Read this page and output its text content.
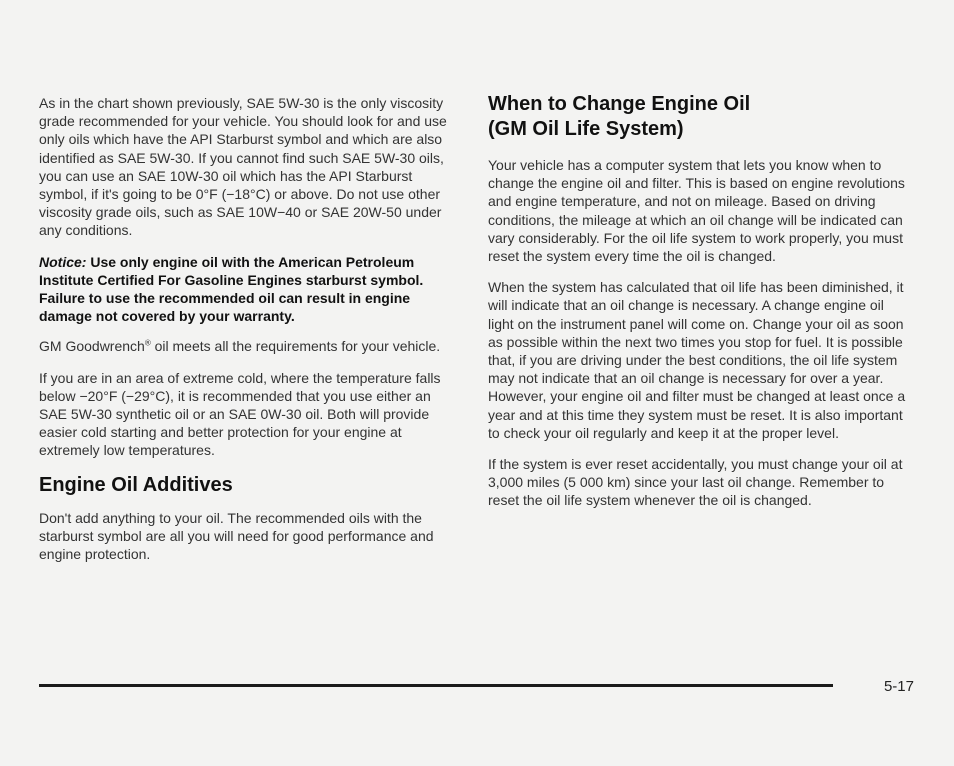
As in the chart shown previously, SAE 5W-30 is the only viscosity grade recommended for your vehicle. You should look for and use only oils which have the API Starburst symbol and which are also identified as SAE 5W-30. If you cannot find such SAE 5W-30 oils, you can use an SAE 10W-30 oil which has the API Starburst symbol, if it's going to be 0°F (−18°C) or above. Do not use other viscosity grade oils, such as SAE 10W−40 or SAE 20W-50 under any conditions.

Notice: Use only engine oil with the American Petroleum Institute Certified For Gasoline Engines starburst symbol. Failure to use the recommended oil can result in engine damage not covered by your warranty.

GM Goodwrench® oil meets all the requirements for your vehicle.

If you are in an area of extreme cold, where the temperature falls below −20°F (−29°C), it is recommended that you use either an SAE 5W-30 synthetic oil or an SAE 0W-30 oil. Both will provide easier cold starting and better protection for your engine at extremely low temperatures.

Engine Oil Additives

Don't add anything to your oil. The recommended oils with the starburst symbol are all you will need for good performance and engine protection.

When to Change Engine Oil
(GM Oil Life System)

Your vehicle has a computer system that lets you know when to change the engine oil and filter. This is based on engine revolutions and engine temperature, and not on mileage. Based on driving conditions, the mileage at which an oil change will be indicated can vary considerably. For the oil life system to work properly, you must reset the system every time the oil is changed.

When the system has calculated that oil life has been diminished, it will indicate that an oil change is necessary. A change engine oil light on the instrument panel will come on. Change your oil as soon as possible within the next two times you stop for fuel. It is possible that, if you are driving under the best conditions, the oil life system may not indicate that an oil change is necessary for over a year. However, your engine oil and filter must be changed at least once a year and at this time they system must be reset. It is also important to check your oil regularly and keep it at the proper level.

If the system is ever reset accidentally, you must change your oil at 3,000 miles (5 000 km) since your last oil change. Remember to reset the oil life system whenever the oil is changed.

5-17
